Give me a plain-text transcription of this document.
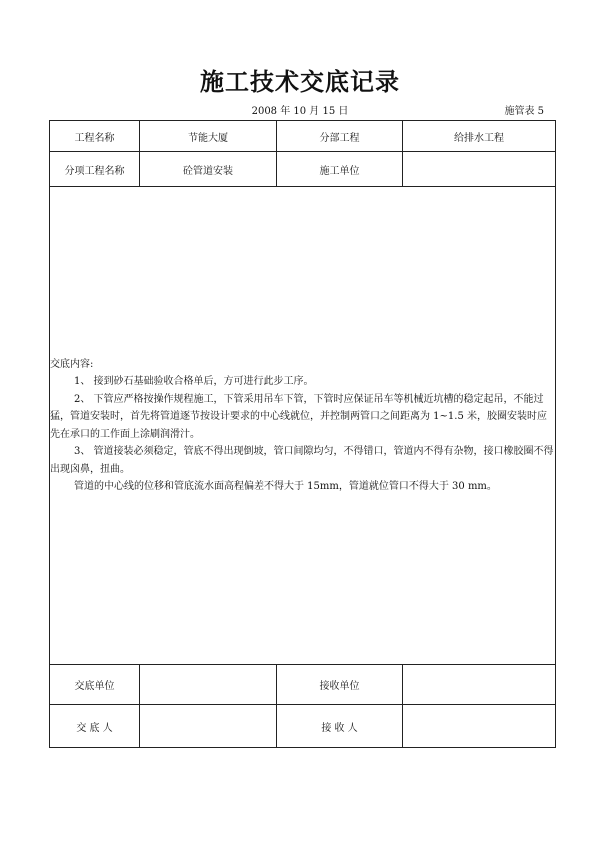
施工技术交底记录
2008 年 10 月 15 日	施管表 5
工程名称	节能大厦	分部工程	给排水工程
分项工程名称	砼管道安装	施工单位	

交底内容:

1、 接到砂石基础验收合格单后，方可进行此步工序。

2、 下管应严格按操作规程施工，下管采用吊车下管，下管时应保证吊车等机械近坑槽的稳定起吊，不能过猛，管道安装时，首先将管道逐节按设计要求的中心线就位，并控制两管口之间距离为 1~1.5 米，胶圈安装时应先在承口的工作面上涂刷润滑汁。

3、 管道接装必须稳定，管底不得出现倒坡，管口间隙均匀，不得错口，管道内不得有杂物，接口橡胶圈不得出现囟鼻，扭曲。

管道的中心线的位移和管底流水面高程偏差不得大于 15mm，管道就位管口不得大于 30 mm。			

交底单位		接收单位	
交 底 人		接 收 人	
